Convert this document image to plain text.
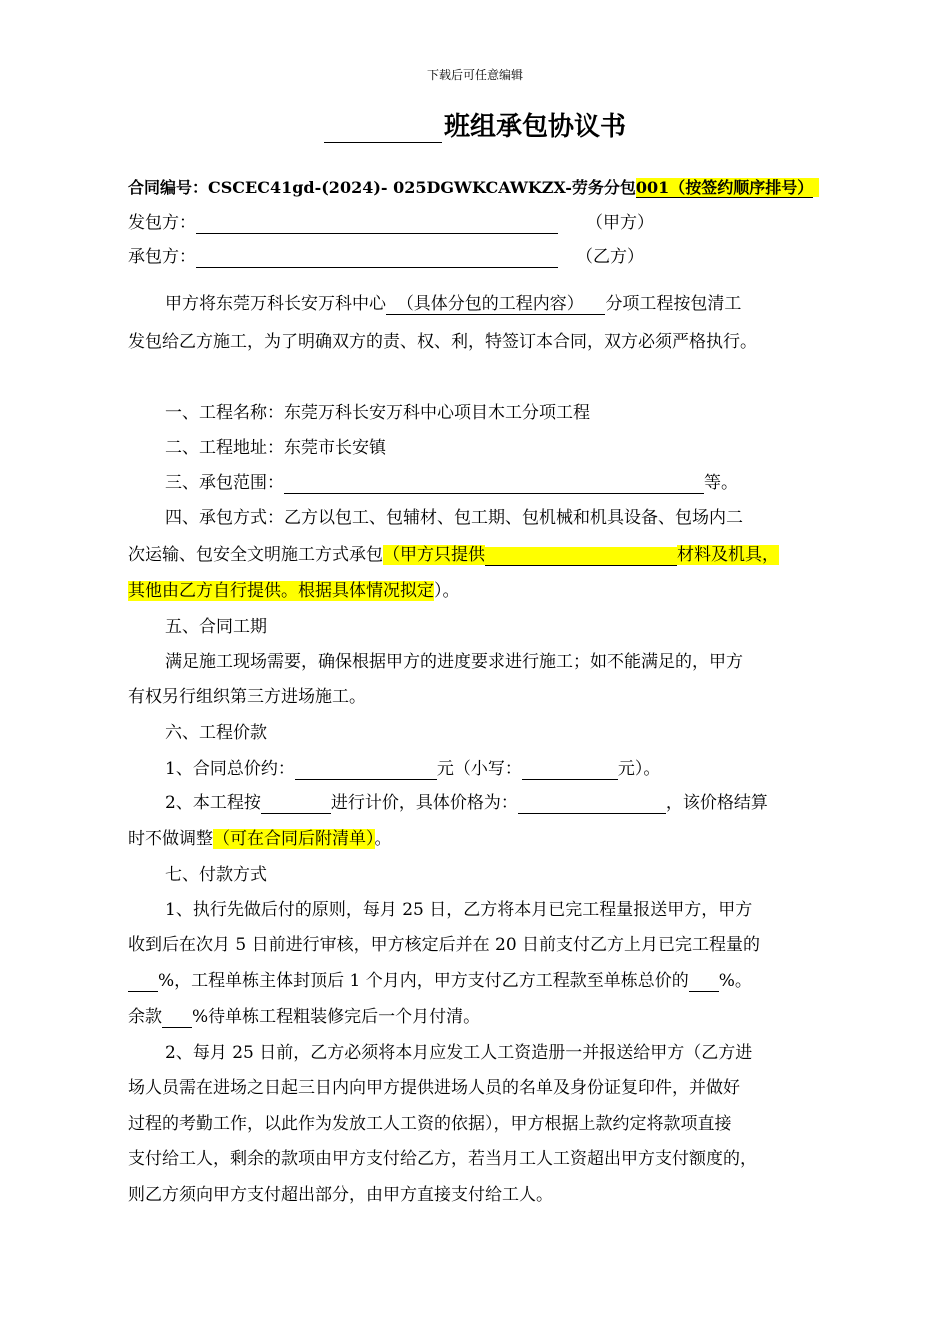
下载后可任意编辑
班组承包协议书
合同编号：CSCEC41gd-(2024)- 025DGWKCAWKZX-劳务分包001（按签约顺序排号）
发包方：	（甲方）
承包方：	（乙方）
甲方将东莞万科长安万科中心 （具体分包的工程内容） 分项工程按包清工
发包给乙方施工，为了明确双方的责、权、利，特签订本合同，双方必须严格执行。
一、工程名称：东莞万科长安万科中心项目木工分项工程
二、工程地址：东莞市长安镇
三、承包范围：	等。
四、承包方式：乙方以包工、包辅材、包工期、包机械和机具设备、包场内二
次运输、包安全文明施工方式承包（甲方只提供	材料及机具，
其他由乙方自行提供。根据具体情况拟定）。
五、合同工期
满足施工现场需要，确保根据甲方的进度要求进行施工；如不能满足的，甲方
有权另行组织第三方进场施工。
六、工程价款
1、合同总价约：	元（小写：	元）。
2、本工程按	进行计价，具体价格为：	，该价格结算
时不做调整（可在合同后附清单）。
七、付款方式
1、执行先做后付的原则，每月 25 日，乙方将本月已完工程量报送甲方，甲方
收到后在次月 5 日前进行审核，甲方核定后并在 20 日前支付乙方上月已完工程量的
%，工程单栋主体封顶后 1 个月内，甲方支付乙方工程款至单栋总价的 %。
余款 %待单栋工程粗装修完后一个月付清。
2、每月 25 日前，乙方必须将本月应发工人工资造册一并报送给甲方（乙方进
场人员需在进场之日起三日内向甲方提供进场人员的名单及身份证复印件，并做好
过程的考勤工作，以此作为发放工人工资的依据），甲方根据上款约定将款项直接
支付给工人，剩余的款项由甲方支付给乙方，若当月工人工资超出甲方支付额度的，
则乙方须向甲方支付超出部分，由甲方直接支付给工人。
